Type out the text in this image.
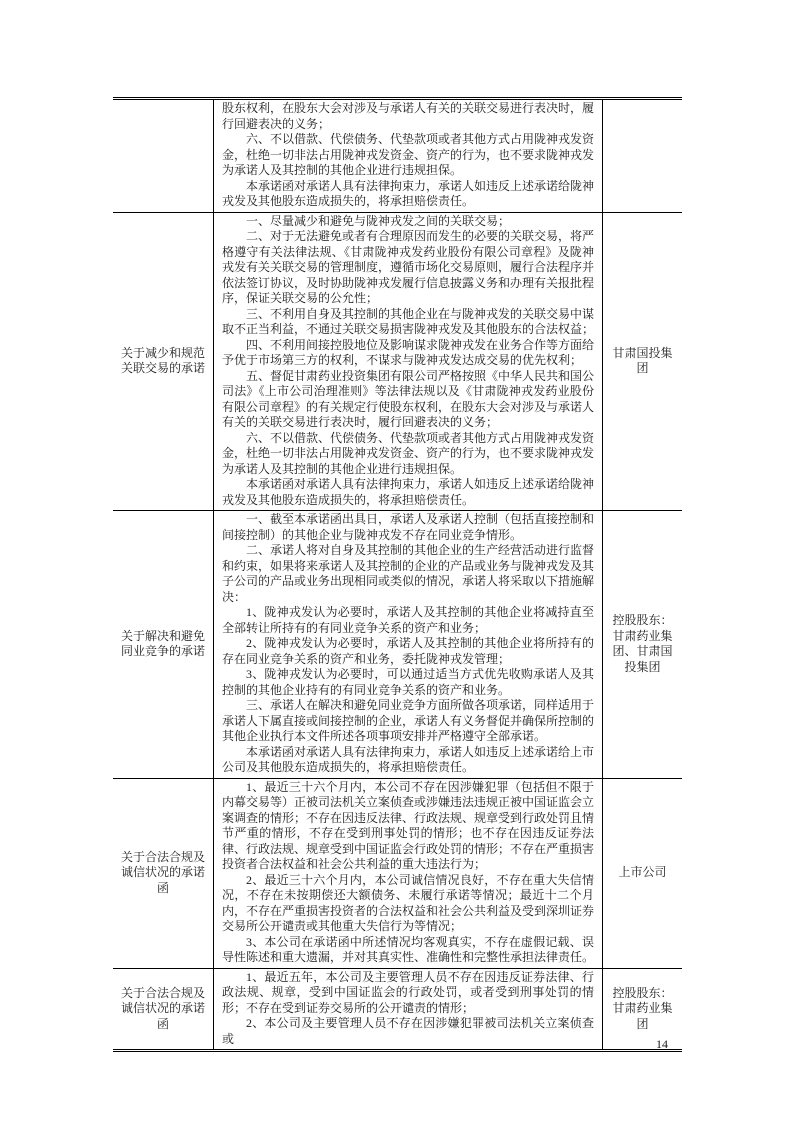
股东权利，在股东大会对涉及与承诺人有关的关联交易进行表决时，履行回避表决的义务；

六、不以借款、代偿债务、代垫款项或者其他方式占用陇神戎发资金，杜绝一切非法占用陇神戎发资金、资产的行为，也不要求陇神戎发为承诺人及其控制的其他企业进行违规担保。

本承诺函对承诺人具有法律拘束力，承诺人如违反上述承诺给陇神戎发及其他股东造成损失的，将承担赔偿责任。

关于减少和规范关联交易的承诺

一、尽量减少和避免与陇神戎发之间的关联交易；

二、对于无法避免或者有合理原因而发生的必要的关联交易，将严格遵守有关法律法规、《甘肃陇神戎发药业股份有限公司章程》及陇神戎发有关关联交易的管理制度，遵循市场化交易原则，履行合法程序并依法签订协议，及时协助陇神戎发履行信息披露义务和办理有关报批程序，保证关联交易的公允性；

三、不利用自身及其控制的其他企业在与陇神戎发的关联交易中谋取不正当利益，不通过关联交易损害陇神戎发及其他股东的合法权益；

四、不利用间接控股地位及影响谋求陇神戎发在业务合作等方面给予优于市场第三方的权利，不谋求与陇神戎发达成交易的优先权利；

五、督促甘肃药业投资集团有限公司严格按照《中华人民共和国公司法》《上市公司治理准则》等法律法规以及《甘肃陇神戎发药业股份有限公司章程》的有关规定行使股东权利，在股东大会对涉及与承诺人有关的关联交易进行表决时，履行回避表决的义务；

六、不以借款、代偿债务、代垫款项或者其他方式占用陇神戎发资金，杜绝一切非法占用陇神戎发资金、资产的行为，也不要求陇神戎发为承诺人及其控制的其他企业进行违规担保。

本承诺函对承诺人具有法律拘束力，承诺人如违反上述承诺给陇神戎发及其他股东造成损失的，将承担赔偿责任。

甘肃国投集团
关于解决和避免同业竞争的承诺

一、截至本承诺函出具日，承诺人及承诺人控制（包括直接控制和间接控制）的其他企业与陇神戎发不存在同业竞争情形。

二、承诺人将对自身及其控制的其他企业的生产经营活动进行监督和约束，如果将来承诺人及其控制的企业的产品或业务与陇神戎发及其子公司的产品或业务出现相同或类似的情况，承诺人将采取以下措施解决：

1、陇神戎发认为必要时，承诺人及其控制的其他企业将减持直至全部转让所持有的有同业竞争关系的资产和业务；

2、陇神戎发认为必要时，承诺人及其控制的其他企业将所持有的存在同业竞争关系的资产和业务，委托陇神戎发管理；

3、陇神戎发认为必要时，可以通过适当方式优先收购承诺人及其控制的其他企业持有的有同业竞争关系的资产和业务。

三、承诺人在解决和避免同业竞争方面所做各项承诺，同样适用于承诺人下属直接或间接控制的企业，承诺人有义务督促并确保所控制的其他企业执行本文件所述各项事项安排并严格遵守全部承诺。

本承诺函对承诺人具有法律拘束力，承诺人如违反上述承诺给上市公司及其他股东造成损失的，将承担赔偿责任。

控股股东：甘肃药业集团、甘肃国投集团
关于合法合规及诚信状况的承诺函

1、最近三十六个月内，本公司不存在因涉嫌犯罪（包括但不限于内幕交易等）正被司法机关立案侦查或涉嫌违法违规正被中国证监会立案调查的情形；不存在因违反法律、行政法规、规章受到行政处罚且情节严重的情形，不存在受到刑事处罚的情形；也不存在因违反证券法律、行政法规、规章受到中国证监会行政处罚的情形；不存在严重损害投资者合法权益和社会公共利益的重大违法行为；

2、最近三十六个月内，本公司诚信情况良好，不存在重大失信情况，不存在未按期偿还大额债务、未履行承诺等情况；最近十二个月内，不存在严重损害投资者的合法权益和社会公共利益及受到深圳证券交易所公开谴责或其他重大失信行为等情况；

3、本公司在承诺函中所述情况均客观真实，不存在虚假记载、误导性陈述和重大遗漏，并对其真实性、准确性和完整性承担法律责任。

上市公司
关于合法合规及诚信状况的承诺函

1、最近五年，本公司及主要管理人员不存在因违反证券法律、行政法规、规章，受到中国证监会的行政处罚，或者受到刑事处罚的情形；不存在受到证券交易所的公开谴责的情形；

2、本公司及主要管理人员不存在因涉嫌犯罪被司法机关立案侦查或

控股股东：甘肃药业集团
14
